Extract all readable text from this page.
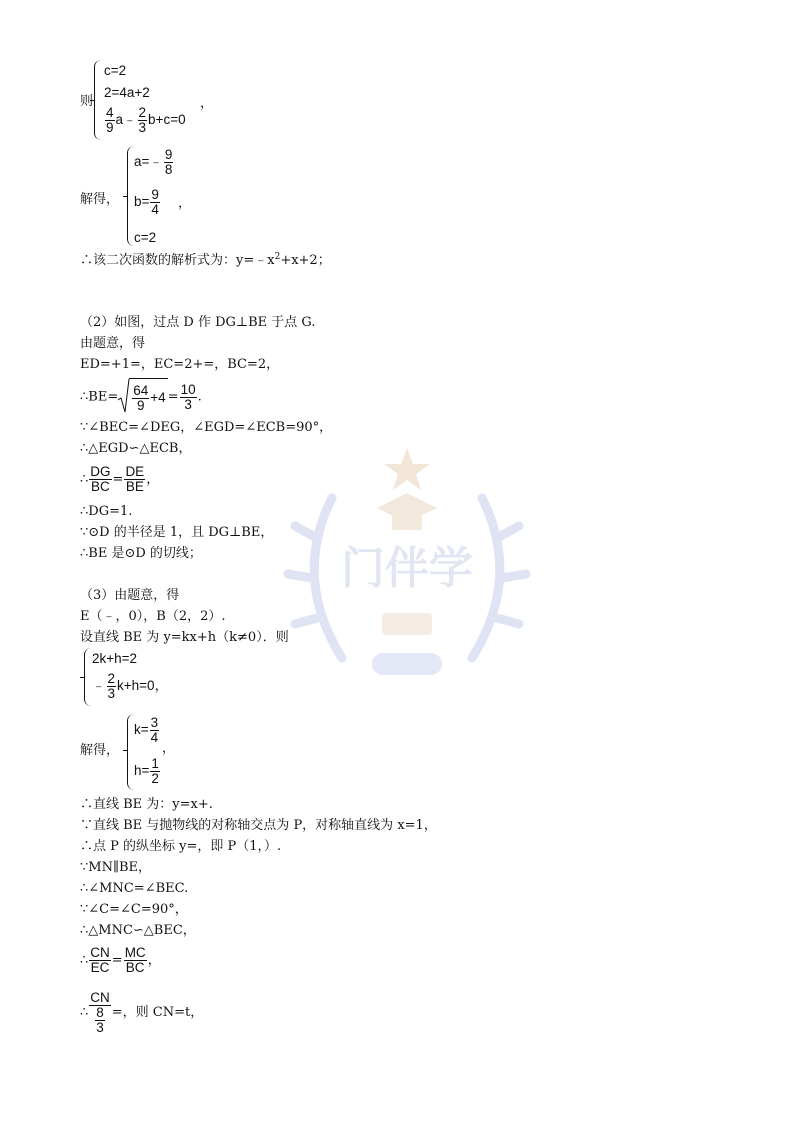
门伴学
则
c=2
2=4a+2
$\frac{4}{9}$ a﹣ $\frac{2}{3} b+c=0$
，
解得，
a=﹣ $\frac{9}{8}$
$b= \frac{9}{4}$ ，
c=2
∴该二次函数的解析式为：$y=﹣x^2+x+2$；
（2）如图，过点 D 作 DG⊥BE 于点 G.
由题意，得
ED=+1=，EC=2+=，BC=2，
∴BE= $\frac{64}{9} +4 = \frac{10}{3}$ .
∵∠BEC=∠DEG，∠EGD=∠ECB=90°，
∴△EGD∽△ECB，
∴ $\frac{DG}{BC} = \frac{DE}{BE}$ ，
∴DG=1.
∵⊙D 的半径是 1，且 DG⊥BE，
∴BE 是⊙D 的切线；
（3）由题意，得
E（﹣，0），B（2，2）.
设直线 BE 为 y=kx+h（k≠0）．则
2k+h=2
﹣ $\frac{2}{3} k+h=0$，
解得，
$k= \frac{3}{4}$
，
$h= \frac{1}{2}$
∴直线 BE 为：y=x+.
∵直线 BE 与抛物线的对称轴交点为 P，对称轴直线为 x=1，
∴点 P 的纵坐标 y=，即 P（1，）.
∵MN∥BE，
∴∠MNC=∠BEC.
∵∠C=∠C=90°，
∴△MNC∽△BEC，
∴ $\frac{CN}{EC} = \frac{MC}{BC}$ ，
∴ $\frac{CN}{\frac{8}{3}}$ =，则 CN=t，
